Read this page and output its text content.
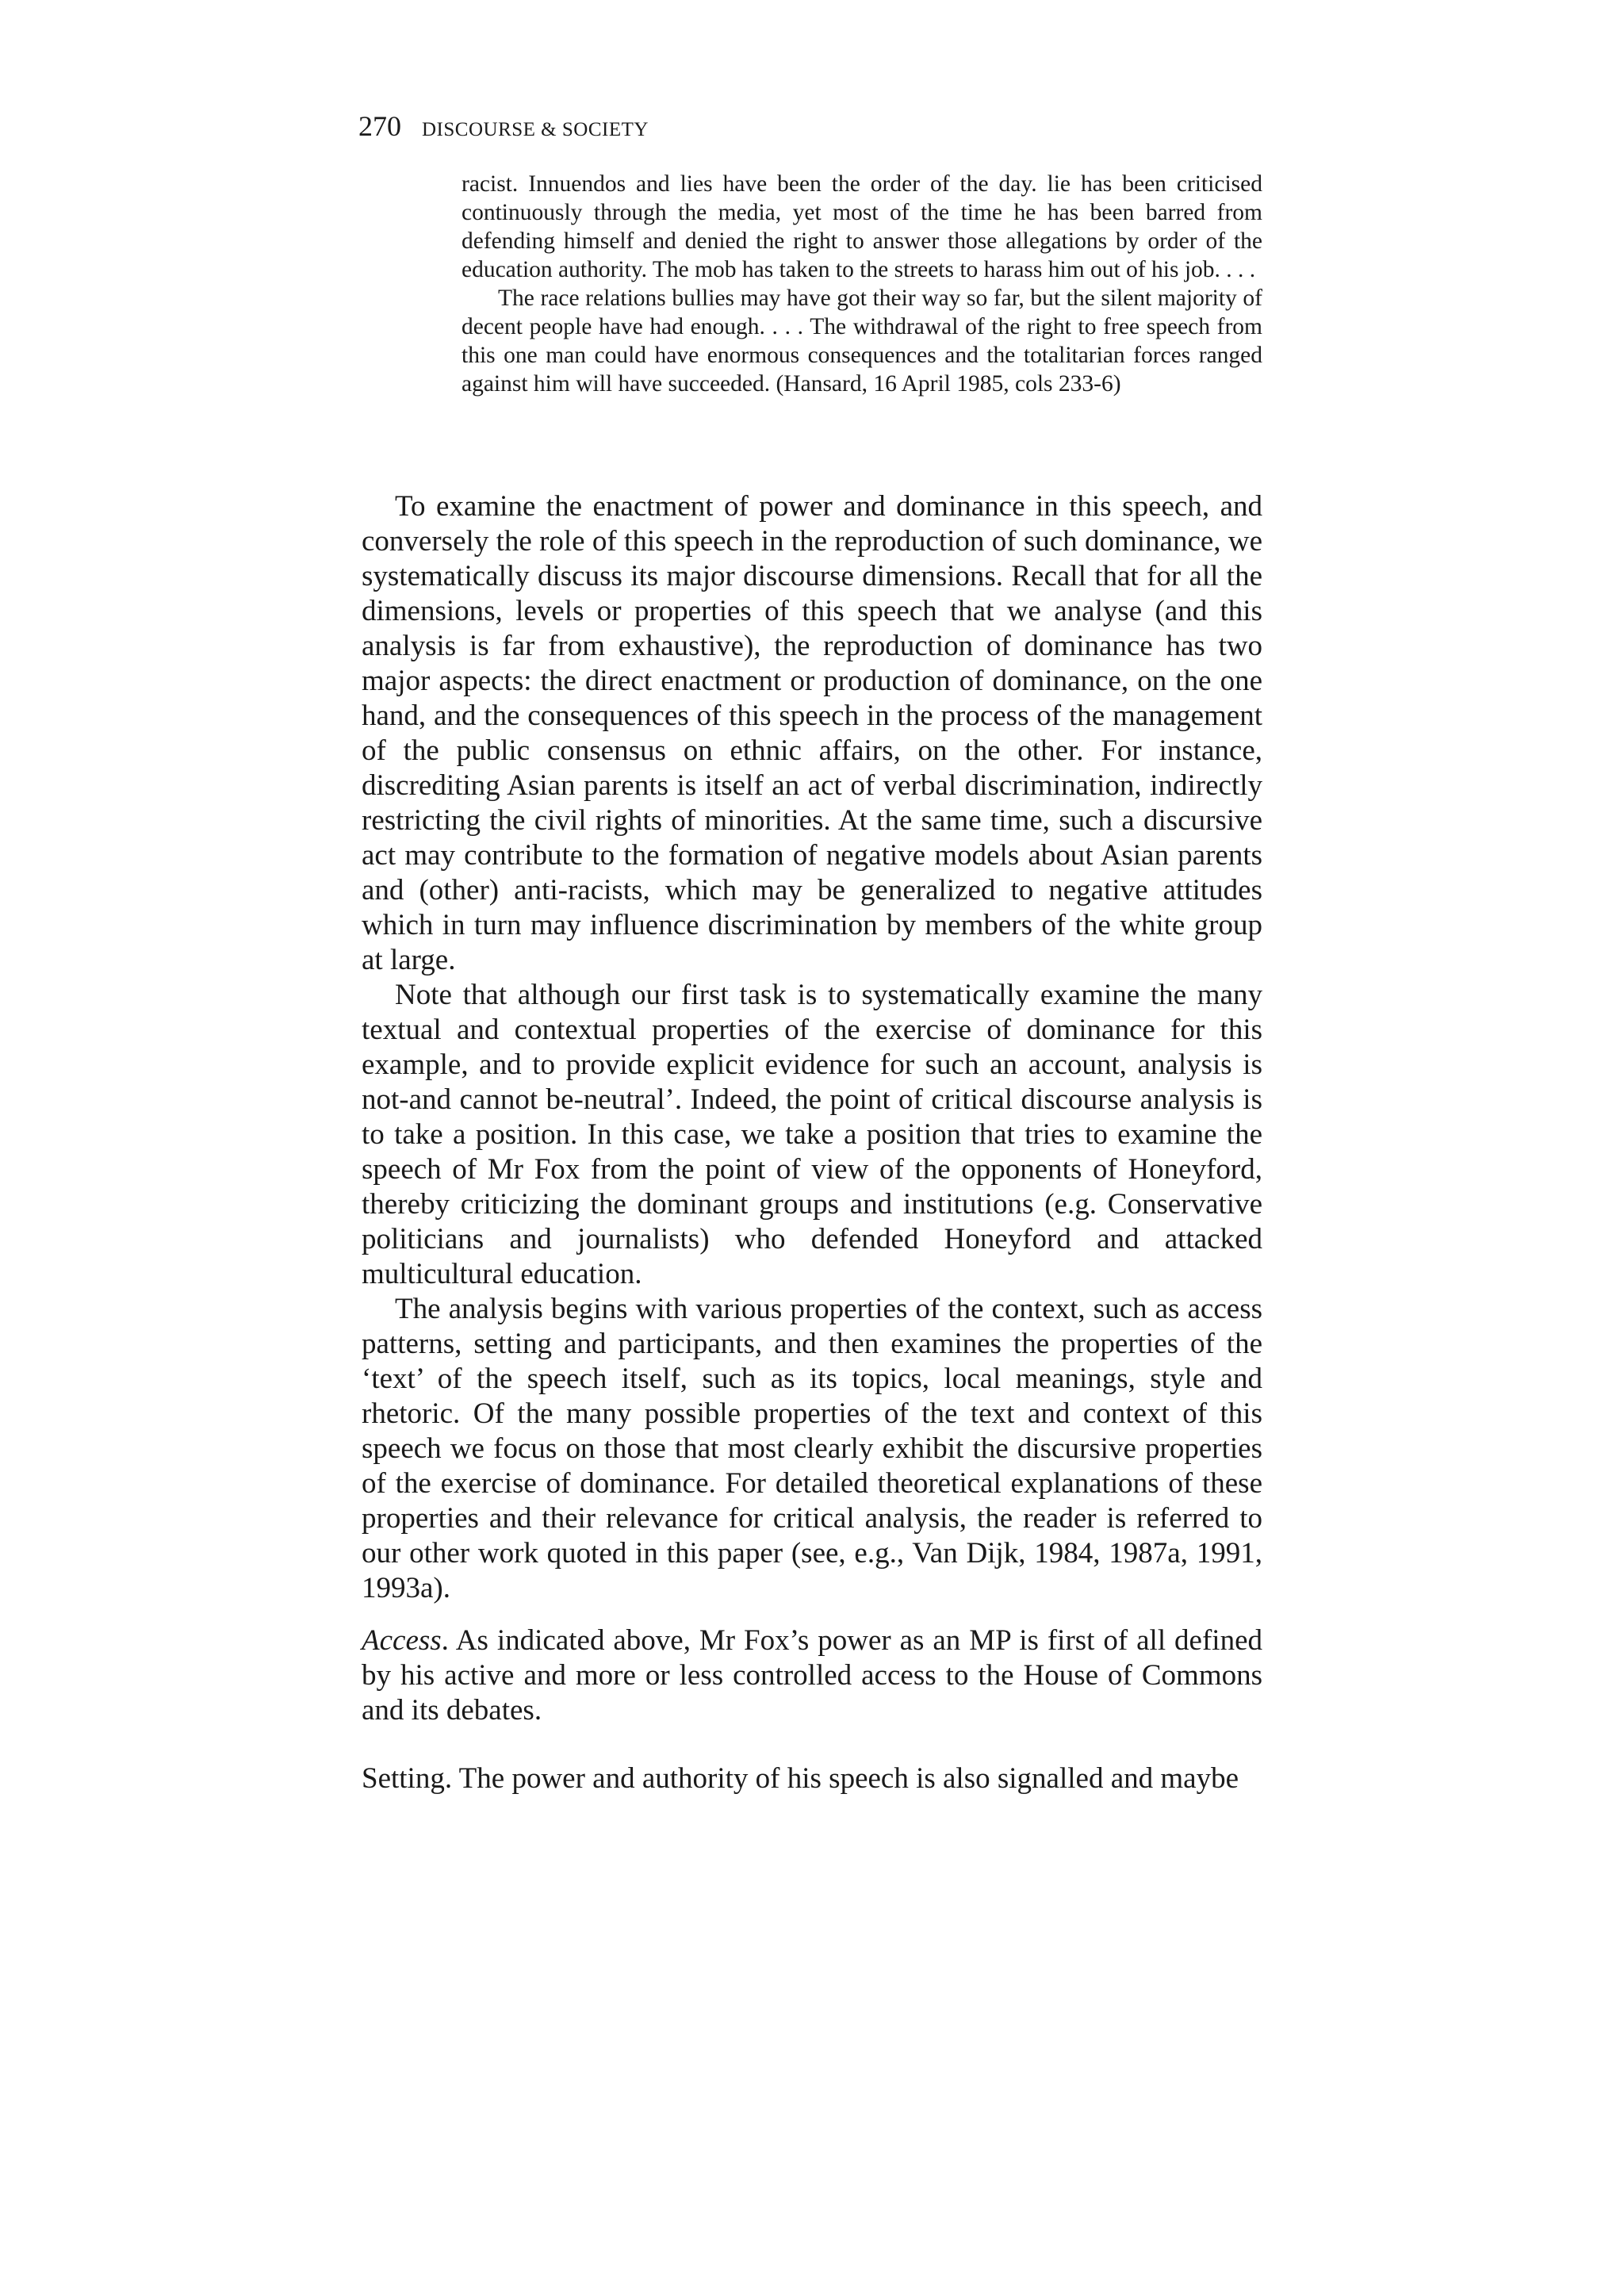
270 DISCOURSE & SOCIETY

racist. Innuendos and lies have been the order of the day. lie has been criticised continuously through the media, yet most of the time he has been barred from defending himself and denied the right to answer those allegations by order of the education authority. The mob has taken to the streets to harass him out of his job. . . .

The race relations bullies may have got their way so far, but the silent majority of decent people have had enough. . . . The withdrawal of the right to free speech from this one man could have enormous consequences and the totalitarian forces ranged against him will have succeeded. (Hansard, 16 April 1985, cols 233-6)

To examine the enactment of power and dominance in this speech, and conversely the role of this speech in the reproduction of such dominance, we systematically discuss its major discourse dimensions. Recall that for all the dimensions, levels or properties of this speech that we analyse (and this analysis is far from exhaustive), the reproduction of dominance has two major aspects: the direct enactment or production of dominance, on the one hand, and the consequences of this speech in the process of the management of the public consensus on ethnic affairs, on the other. For instance, discrediting Asian parents is itself an act of verbal discrimination, indirectly restricting the civil rights of minorities. At the same time, such a discursive act may contribute to the formation of negative models about Asian parents and (other) anti-racists, which may be generalized to negative attitudes which in turn may influence discrimination by members of the white group at large.

Note that although our first task is to systematically examine the many textual and contextual properties of the exercise of dominance for this example, and to provide explicit evidence for such an account, analysis is not-and cannot be-neutral’. Indeed, the point of critical discourse analysis is to take a position. In this case, we take a position that tries to examine the speech of Mr Fox from the point of view of the opponents of Honeyford, thereby criticizing the dominant groups and institutions (e.g. Conservative politicians and journalists) who defended Honeyford and attacked multicultural education.

The analysis begins with various properties of the context, such as access patterns, setting and participants, and then examines the properties of the ‘text’ of the speech itself, such as its topics, local meanings, style and rhetoric. Of the many possible properties of the text and context of this speech we focus on those that most clearly exhibit the discursive properties of the exercise of dominance. For detailed theoretical explanations of these properties and their relevance for critical analysis, the reader is referred to our other work quoted in this paper (see, e.g., Van Dijk, 1984, 1987a, 1991, 1993a).

Access. As indicated above, Mr Fox’s power as an MP is first of all defined by his active and more or less controlled access to the House of Commons and its debates.

Setting. The power and authority of his speech is also signalled and maybe
